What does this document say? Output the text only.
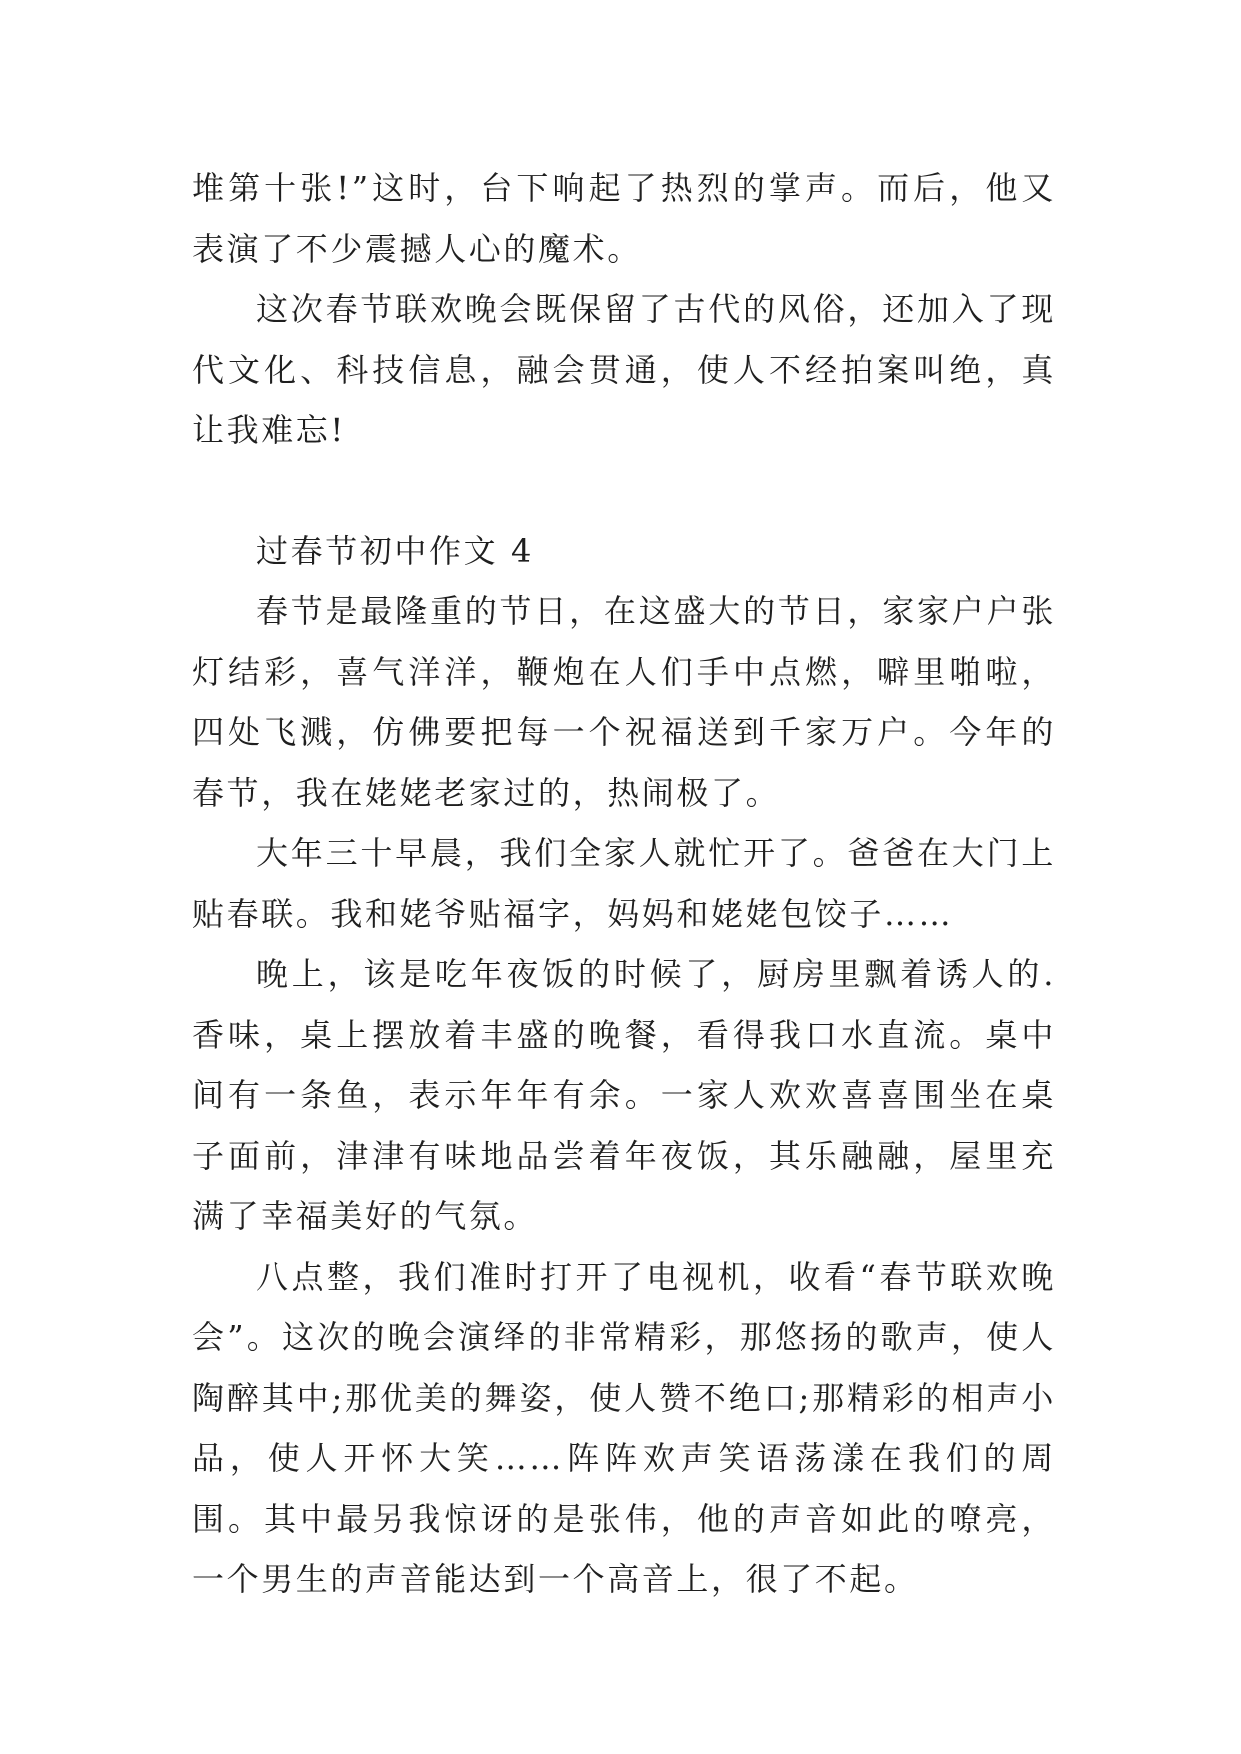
堆第十张!”这时，台下响起了热烈的掌声。而后，他又表演了不少震撼人心的魔术。

这次春节联欢晚会既保留了古代的风俗，还加入了现代文化、科技信息，融会贯通，使人不经拍案叫绝，真让我难忘!

过春节初中作文 4

春节是最隆重的节日，在这盛大的节日，家家户户张灯结彩，喜气洋洋，鞭炮在人们手中点燃，噼里啪啦，四处飞溅，仿佛要把每一个祝福送到千家万户。今年的春节，我在姥姥老家过的，热闹极了。

大年三十早晨，我们全家人就忙开了。爸爸在大门上贴春联。我和姥爷贴福字，妈妈和姥姥包饺子……

晚上，该是吃年夜饭的时候了，厨房里飘着诱人的.香味，桌上摆放着丰盛的晚餐，看得我口水直流。桌中间有一条鱼，表示年年有余。一家人欢欢喜喜围坐在桌子面前，津津有味地品尝着年夜饭，其乐融融，屋里充满了幸福美好的气氛。

八点整，我们准时打开了电视机，收看“春节联欢晚会”。这次的晚会演绎的非常精彩，那悠扬的歌声，使人陶醉其中;那优美的舞姿，使人赞不绝口;那精彩的相声小品，使人开怀大笑……阵阵欢声笑语荡漾在我们的周围。其中最另我惊讶的是张伟，他的声音如此的嘹亮，一个男生的声音能达到一个高音上，很了不起。
